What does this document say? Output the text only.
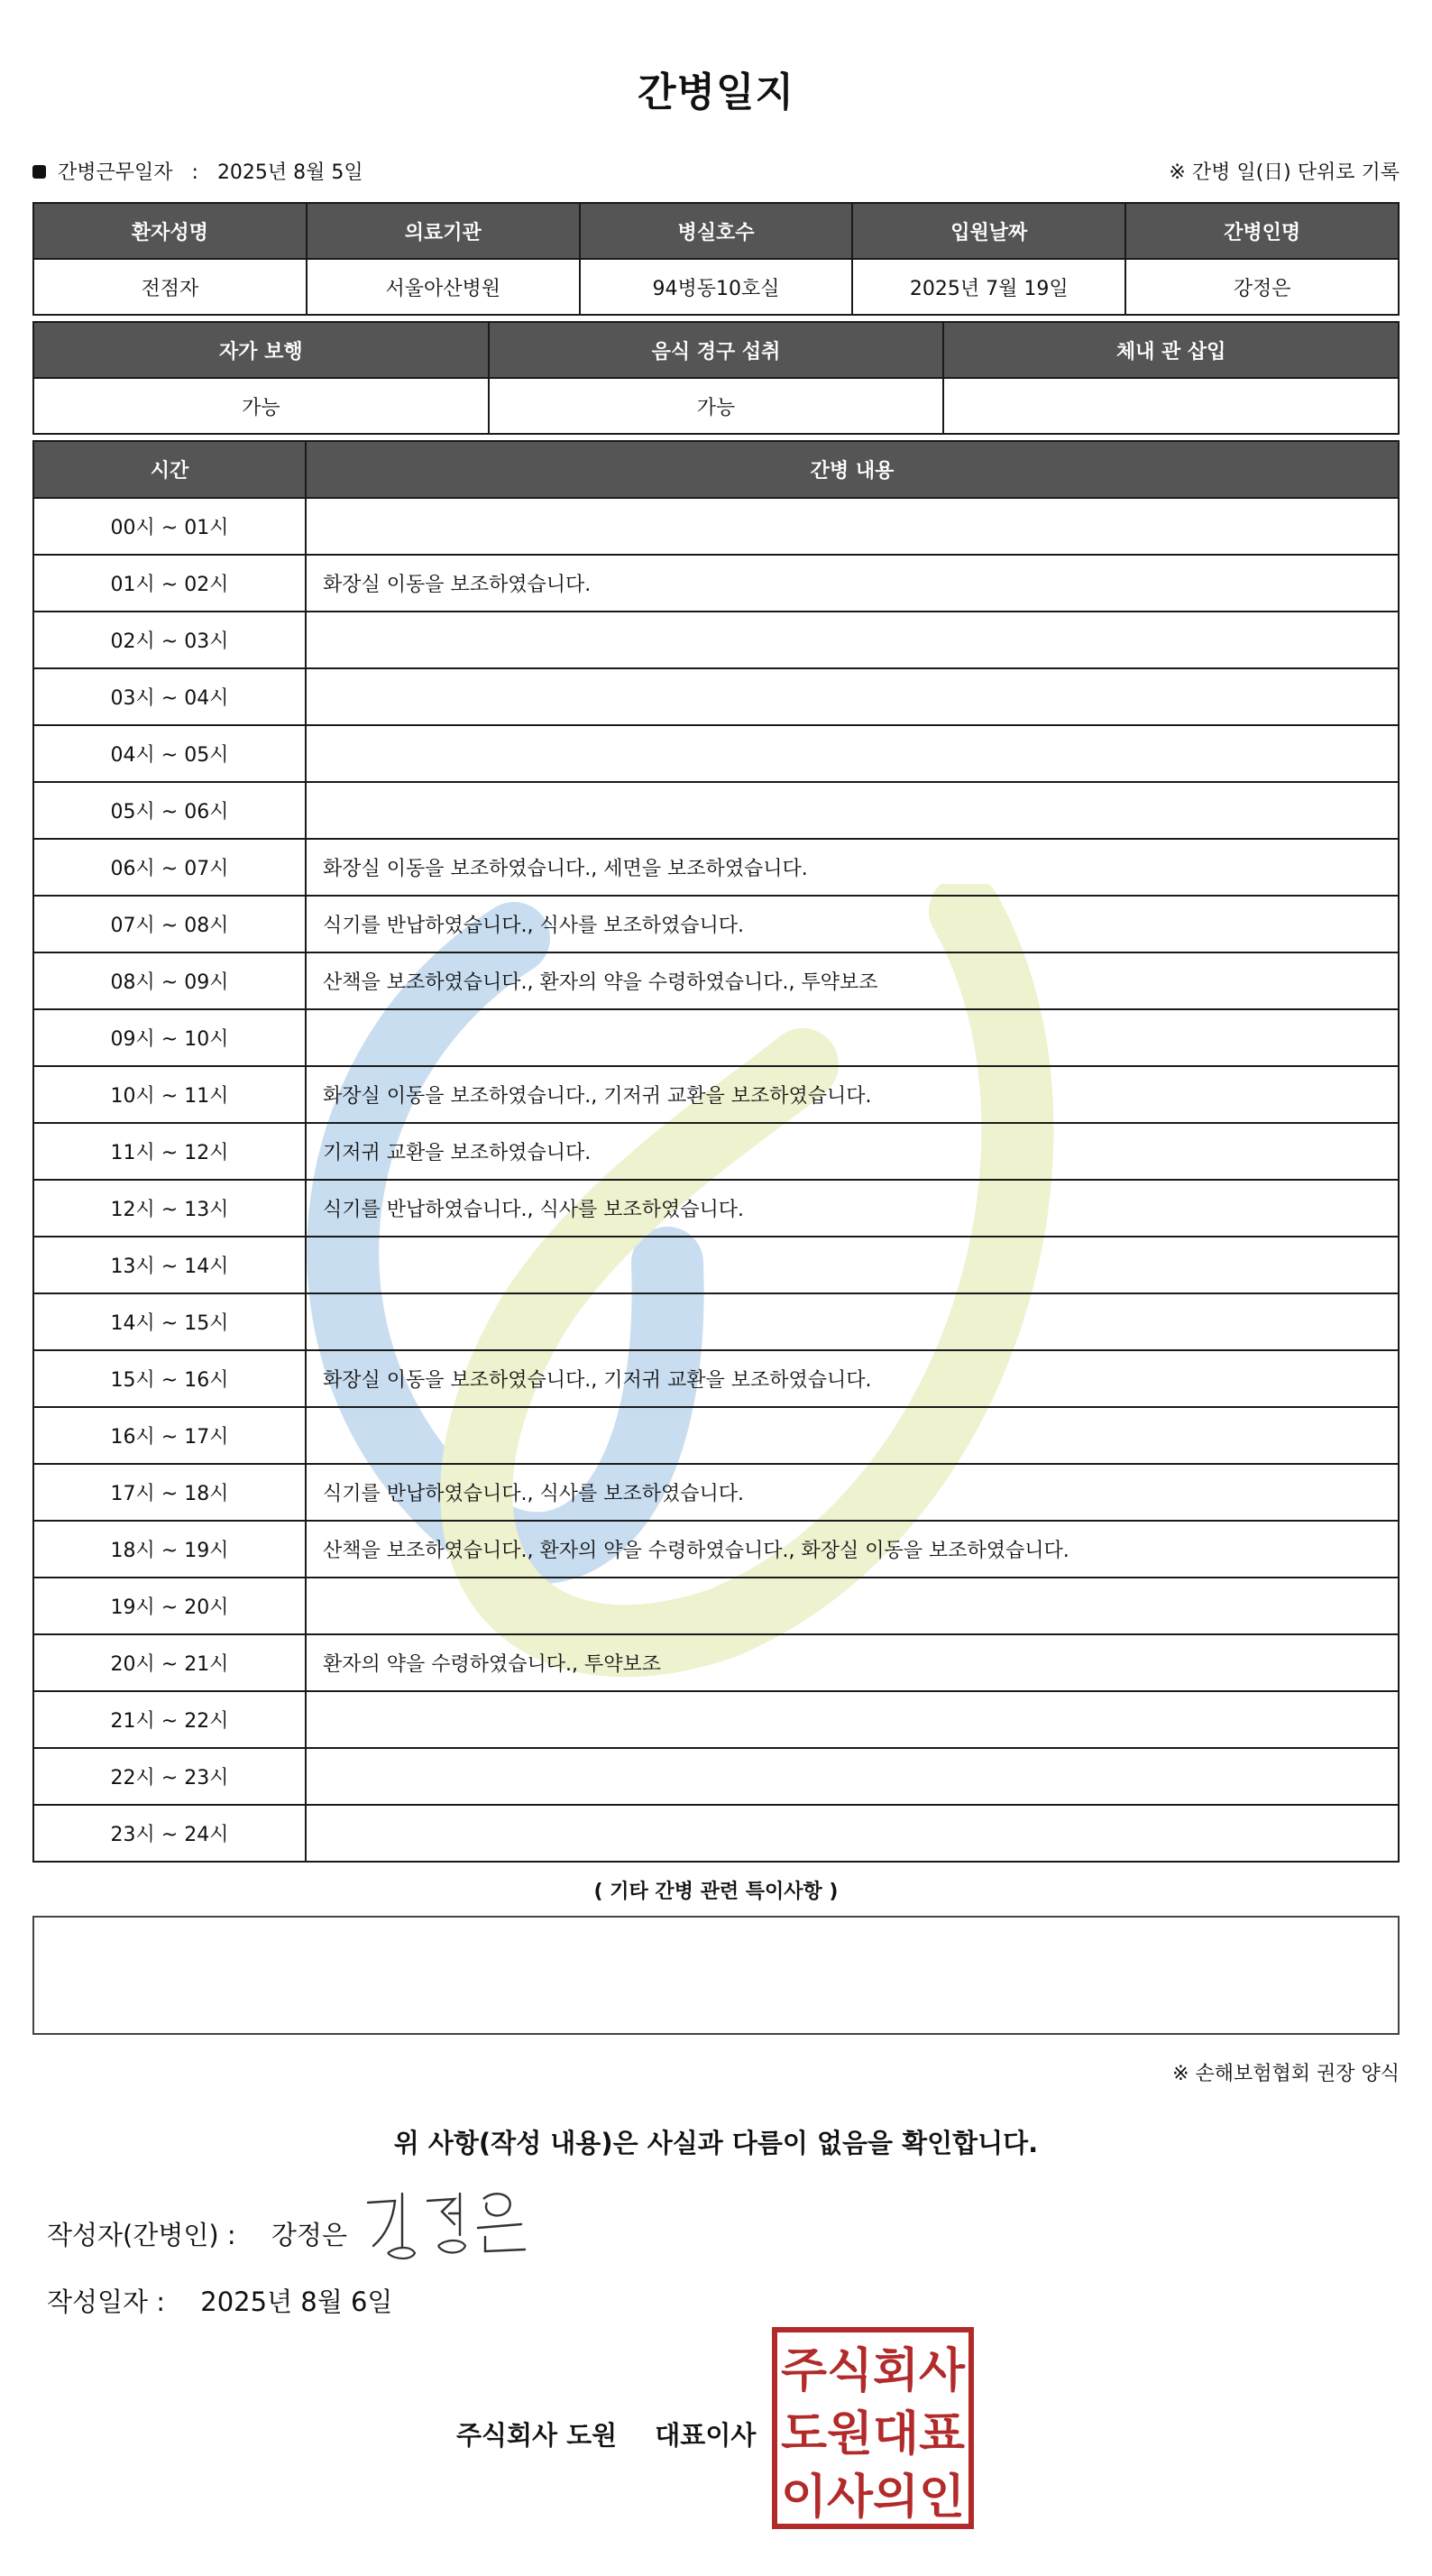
간병일지
간병근무일자 : 2025년 8월 5일	※ 간병 일(日) 단위로 기록
환자성명	의료기관	병실호수	입원날짜	간병인명
전점자	서울아산병원	94병동10호실	2025년 7월 19일	강정은
자가 보행	음식 경구 섭취	체내 관 삽입
가능	가능	
시간	간병 내용
00시 ~ 01시	
01시 ~ 02시	화장실 이동을 보조하였습니다.
02시 ~ 03시	
03시 ~ 04시	
04시 ~ 05시	
05시 ~ 06시	
06시 ~ 07시	화장실 이동을 보조하였습니다., 세면을 보조하였습니다.
07시 ~ 08시	식기를 반납하였습니다., 식사를 보조하였습니다.
08시 ~ 09시	산책을 보조하였습니다., 환자의 약을 수령하였습니다., 투약보조
09시 ~ 10시	
10시 ~ 11시	화장실 이동을 보조하였습니다., 기저귀 교환을 보조하였습니다.
11시 ~ 12시	기저귀 교환을 보조하였습니다.
12시 ~ 13시	식기를 반납하였습니다., 식사를 보조하였습니다.
13시 ~ 14시	
14시 ~ 15시	
15시 ~ 16시	화장실 이동을 보조하였습니다., 기저귀 교환을 보조하였습니다.
16시 ~ 17시	
17시 ~ 18시	식기를 반납하였습니다., 식사를 보조하였습니다.
18시 ~ 19시	산책을 보조하였습니다., 환자의 약을 수령하였습니다., 화장실 이동을 보조하였습니다.
19시 ~ 20시	
20시 ~ 21시	환자의 약을 수령하였습니다., 투약보조
21시 ~ 22시	
22시 ~ 23시	
23시 ~ 24시	
( 기타 간병 관련 특이사항 )
※ 손해보험협회 권장 양식
위 사항(작성 내용)은 사실과 다름이 없음을 확인합니다.
작성자(간병인) : 강정은
작성일자 : 2025년 8월 6일
주식회사 도원 대표이사
주식회사
도원대표
이사의인
